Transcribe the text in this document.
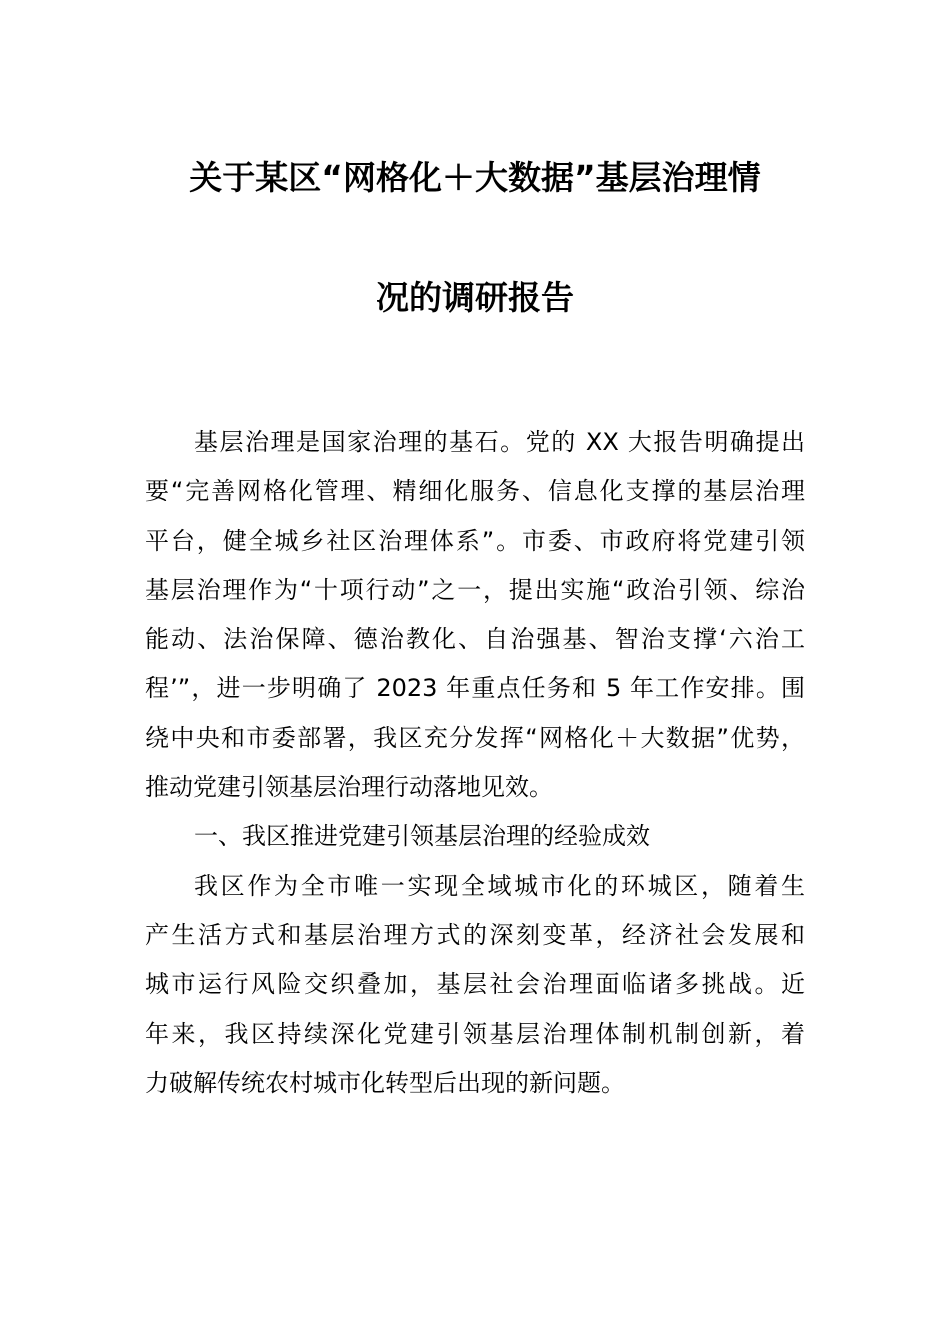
关于某区“网格化＋大数据”基层治理情
况的调研报告
基层治理是国家治理的基石。党的 XX 大报告明确提出
要“完善网格化管理、精细化服务、信息化支撑的基层治理
平台，健全城乡社区治理体系”。市委、市政府将党建引领
基层治理作为“十项行动”之一，提出实施“政治引领、综治
能动、法治保障、德治教化、自治强基、智治支撑‘六治工
程’”，进一步明确了 2023 年重点任务和 5 年工作安排。围
绕中央和市委部署，我区充分发挥“网格化＋大数据”优势，
推动党建引领基层治理行动落地见效。
一、我区推进党建引领基层治理的经验成效
我区作为全市唯一实现全域城市化的环城区，随着生
产生活方式和基层治理方式的深刻变革，经济社会发展和
城市运行风险交织叠加，基层社会治理面临诸多挑战。近
年来，我区持续深化党建引领基层治理体制机制创新，着
力破解传统农村城市化转型后出现的新问题。
